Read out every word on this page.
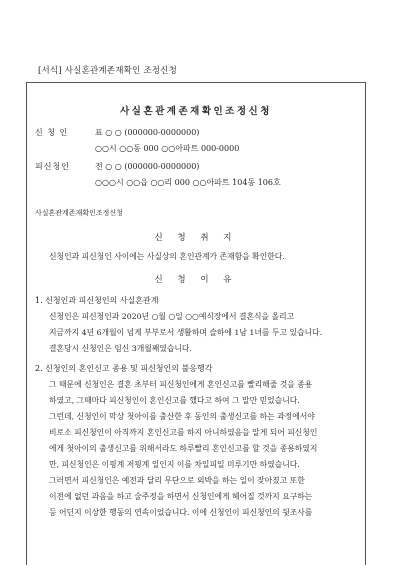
[서식] 사실혼관계존재확인 조정신청
사실혼관계존재확인조정신청
신 청 인	표 ○ ○ (000000-0000000)
○○시 ○○동 000 ○○아파트 000-0000
피신청인	전 ○ ○ (000000-0000000)
○○○시 ○○읍 ○○리 000 ○○아파트 104동 106호
사실혼관계존재확인조정신청
신 청 취 지
신청인과 피신청인 사이에는 사실상의 혼인관계가 존재함을 확인한다.
신 청 이 유
1. 신청인과 피신청인의 사실혼관계
신청인은 피신청인과 2020년 ○월 ○일 ○○예식장에서 결혼식을 올리고
지금까지 4년 6개월이 넘게 부부로서 생활하며 슬하에 1남 1녀를 두고 있습니다.
결혼당시 신청인은 임신 3개월째였습니다.
2. 신청인의 혼인신고 종용 및 피신청인의 불응행각
그 때문에 신청인은 결혼 초부터 피신청인에게 혼인신고를 빨리해줄 것을 종용
하였고, 그때마다 피신청인이 혼인신고를 했다고 하여 그 말만 믿었습니다.
그런데, 신청인이 막상 첫아이를 출산한 후 동인의 출생신고를 하는 과정에서야
비로소 피신청인이 아직까지 혼인신고를 하지 아니하였음을 알게 되어 피신청인
에게 첫아이의 출생신고를 위해서라도 하루빨리 혼인신고를 할 것을 종용하였지
만, 피신청인은 이핑계 저핑계 일인지 이를 차일피일 미루기만 하였습니다.
그러면서 피신청인은 예전과 달리 무단으로 외박을 하는 일이 잦아졌고 또한
이전에 없던 과음을 하고 술주정을 하면서 신청인에게 헤어질 것까지 요구하는
등 어딘지 이상한 행동의 연속이었습니다. 이에 신청인이 피신청인의 뒷조사를
